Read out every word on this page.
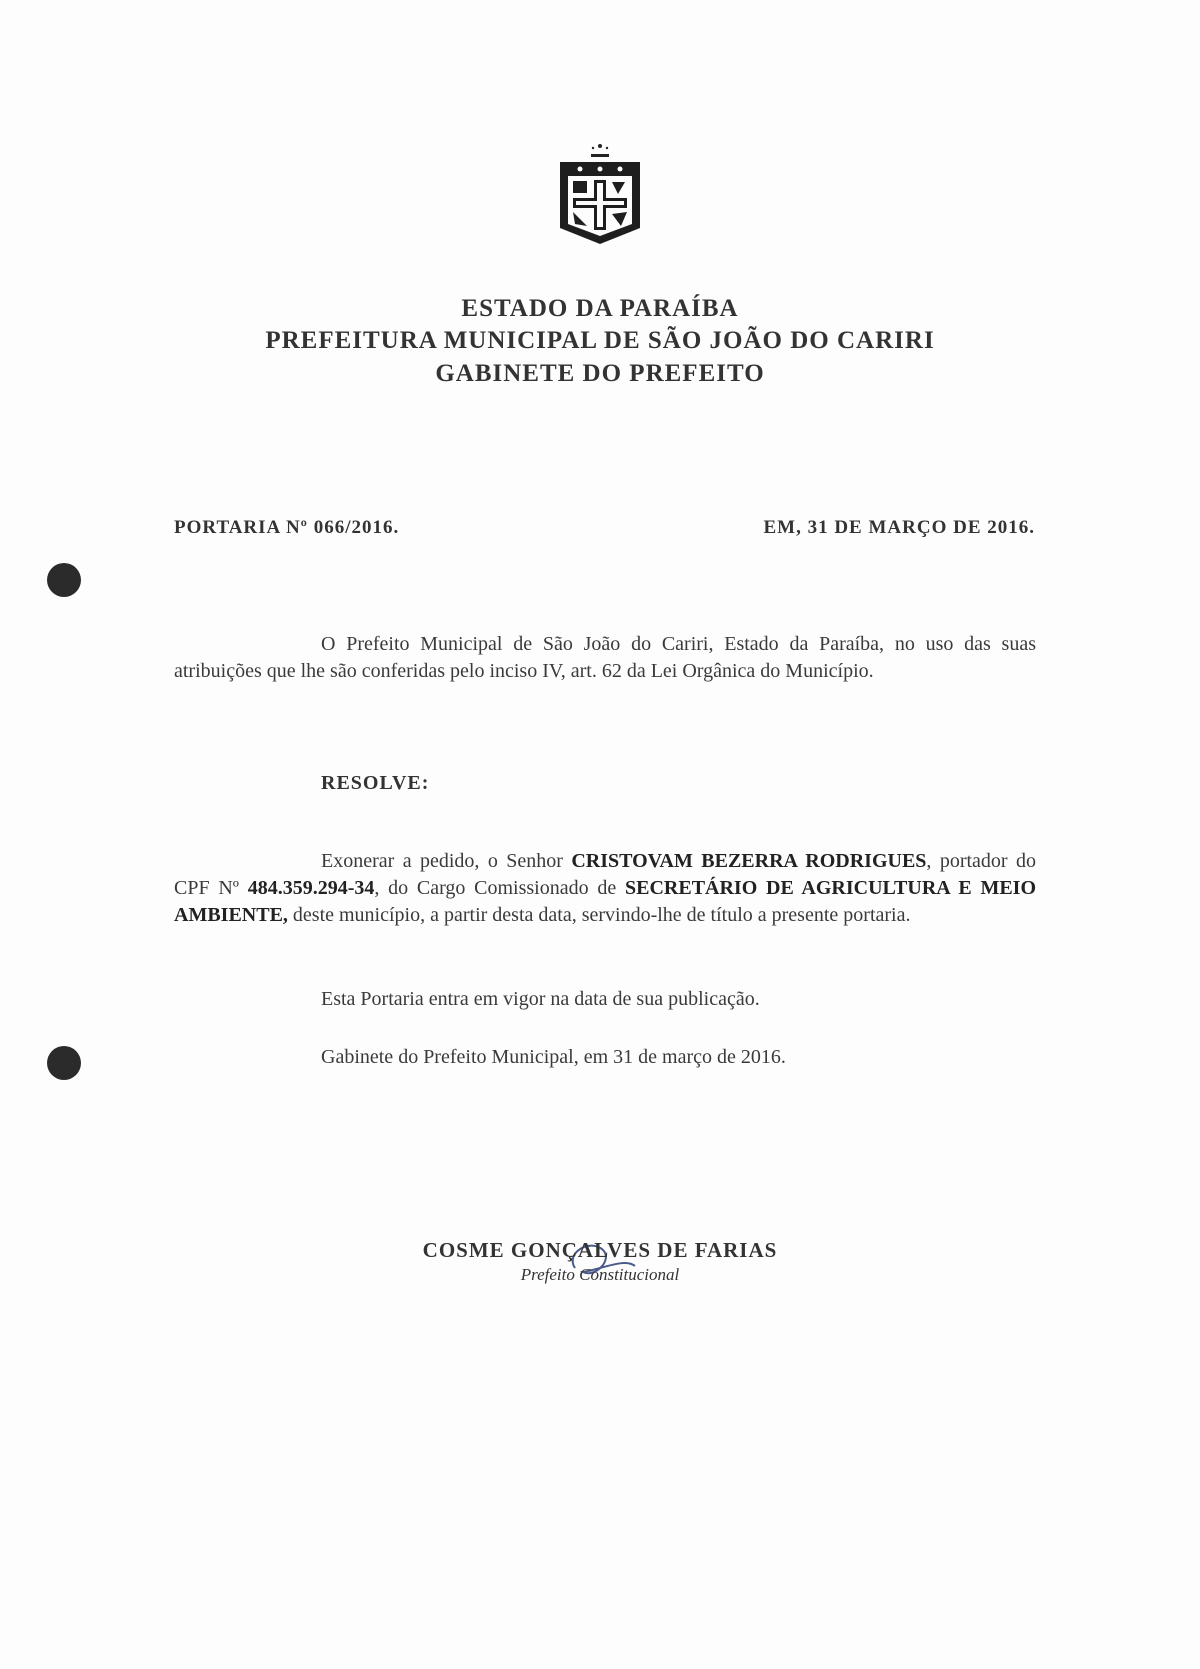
ESTADO DA PARAÍBA
PREFEITURA MUNICIPAL DE SÃO JOÃO DO CARIRI
GABINETE DO PREFEITO
PORTARIA Nº 066/2016.	EM, 31 DE MARÇO DE 2016.
O Prefeito Municipal de São João do Cariri, Estado da Paraíba, no uso das suas atribuições que lhe são conferidas pelo inciso IV, art. 62 da Lei Orgânica do Município.
RESOLVE:
Exonerar a pedido, o Senhor CRISTOVAM BEZERRA RODRIGUES, portador do CPF Nº 484.359.294-34, do Cargo Comissionado de SECRETÁRIO DE AGRICULTURA E MEIO AMBIENTE, deste município, a partir desta data, servindo-lhe de título a presente portaria.
Esta Portaria entra em vigor na data de sua publicação.
Gabinete do Prefeito Municipal, em 31 de março de 2016.
COSME GONÇALVES DE FARIAS
Prefeito Constitucional
